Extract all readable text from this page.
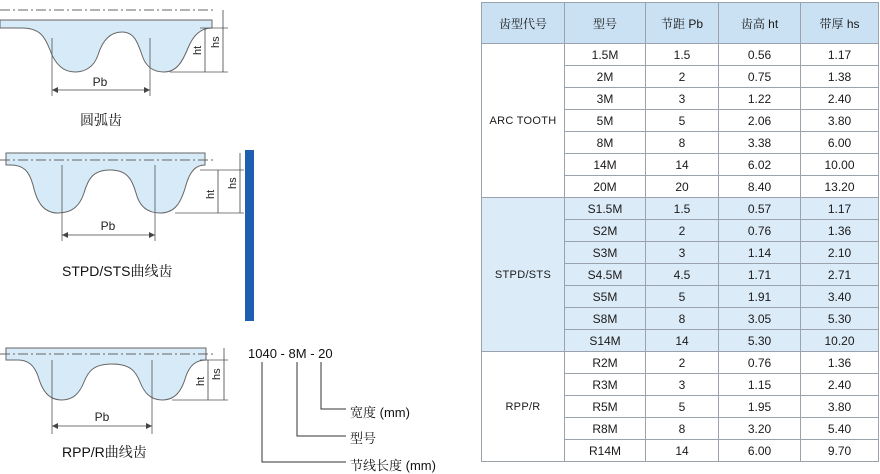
Pb
ht
hs
圆弧齿
Pb
ht
hs
STPD/STS曲线齿
Pb
ht
hs
RPP/R曲线齿
1040 - 8M - 20
宽度 (mm)
型号
节线长度 (mm)
齿型代号	型号	节距 Pb	齿高 ht	带厚 hs
ARC TOOTH	1.5M	1.5	0.56	1.17
	2M	2	0.75	1.38
	3M	3	1.22	2.40
	5M	5	2.06	3.80
	8M	8	3.38	6.00
	14M	14	6.02	10.00
	20M	20	8.40	13.20
STPD/STS	S1.5M	1.5	0.57	1.17
	S2M	2	0.76	1.36
	S3M	3	1.14	2.10
	S4.5M	4.5	1.71	2.71
	S5M	5	1.91	3.40
	S8M	8	3.05	5.30
	S14M	14	5.30	10.20
RPP/R	R2M	2	0.76	1.36
	R3M	3	1.15	2.40
	R5M	5	1.95	3.80
	R8M	8	3.20	5.40
	R14M	14	6.00	9.70
